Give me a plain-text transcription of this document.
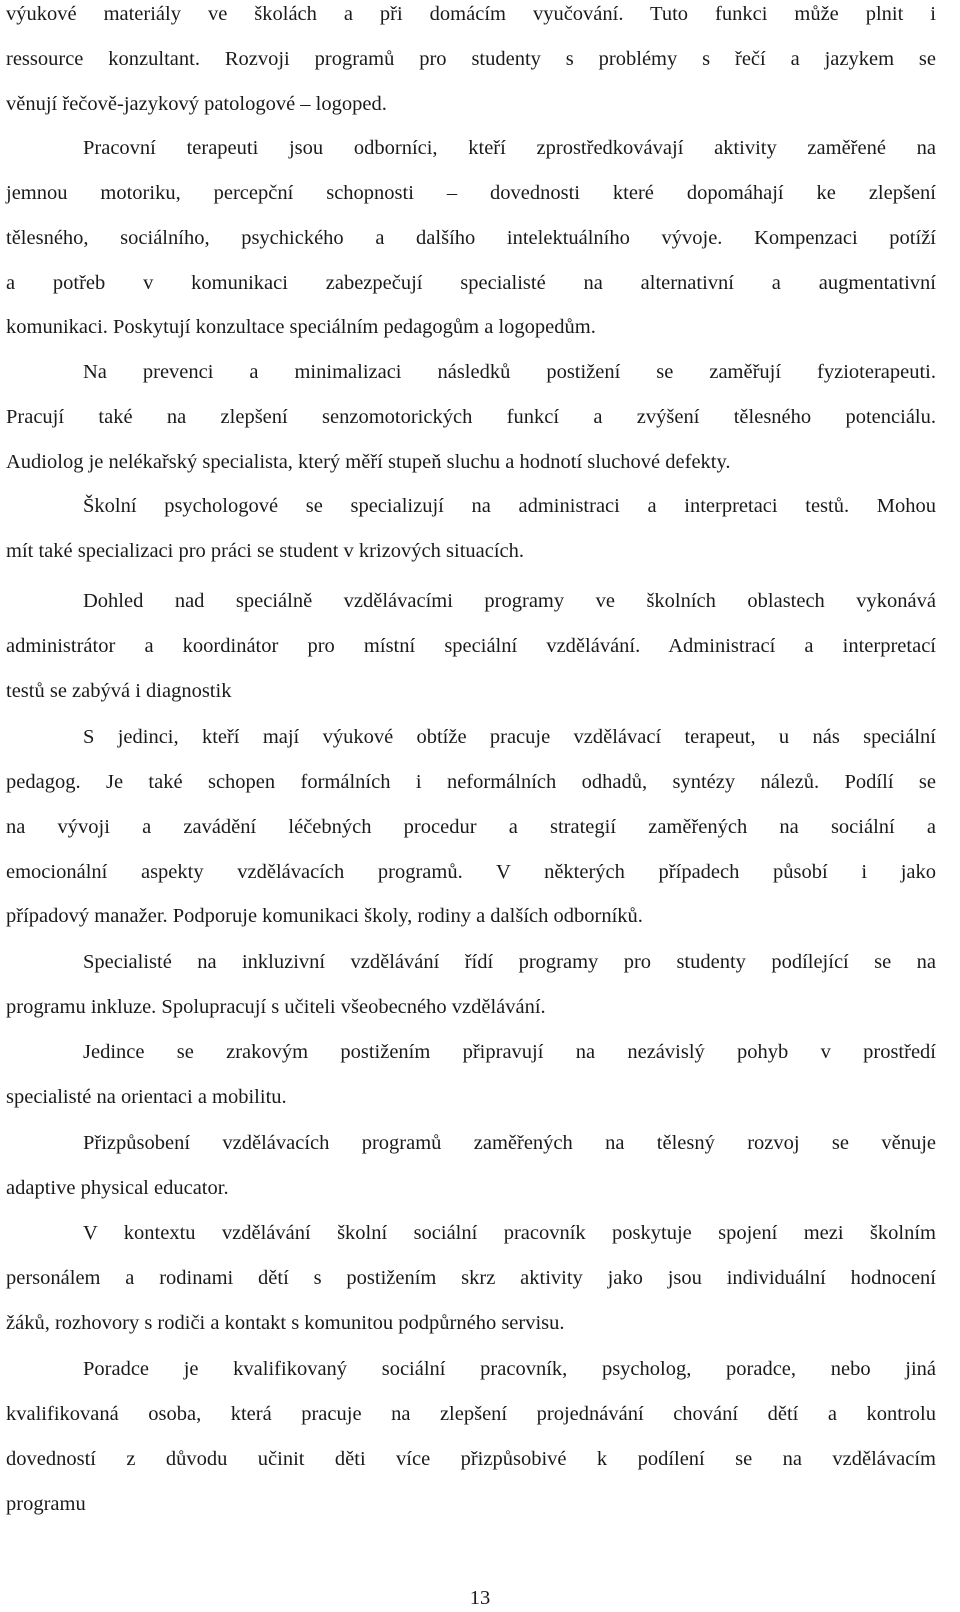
výukové materiály ve školách a při domácím vyučování. Tuto funkci může plnit i
ressource konzultant. Rozvoji programů pro studenty s problémy s řečí a jazykem se
věnují řečově-jazykový patologové – logoped.
Pracovní terapeuti jsou odborníci, kteří zprostředkovávají aktivity zaměřené na
jemnou motoriku, percepční schopnosti – dovednosti které dopomáhají ke zlepšení
tělesného, sociálního, psychického a dalšího intelektuálního vývoje. Kompenzaci potíží
a potřeb v komunikaci zabezpečují specialisté na alternativní a augmentativní
komunikaci. Poskytují konzultace speciálním pedagogům a logopedům.
Na prevenci a minimalizaci následků postižení se zaměřují fyzioterapeuti.
Pracují také na zlepšení senzomotorických funkcí a zvýšení tělesného potenciálu.
Audiolog je nelékařský specialista, který měří stupeň sluchu a hodnotí sluchové defekty.
Školní psychologové se specializují na administraci a interpretaci testů. Mohou
mít také specializaci pro práci se student v krizových situacích.
Dohled nad speciálně vzdělávacími programy ve školních oblastech vykonává
administrátor a koordinátor pro místní speciální vzdělávání. Administrací a interpretací
testů se zabývá i diagnostik
S jedinci, kteří mají výukové obtíže pracuje vzdělávací terapeut, u nás speciální
pedagog. Je také schopen formálních i neformálních odhadů, syntézy nálezů. Podílí se
na vývoji a zavádění léčebných procedur a strategií zaměřených na sociální a
emocionální aspekty vzdělávacích programů. V některých případech působí i jako
případový manažer. Podporuje komunikaci školy, rodiny a dalších odborníků.
Specialisté na inkluzivní vzdělávání řídí programy pro studenty podílející se na
programu inkluze. Spolupracují s učiteli všeobecného vzdělávání.
Jedince se zrakovým postižením připravují na nezávislý pohyb v prostředí
specialisté na orientaci a mobilitu.
Přizpůsobení vzdělávacích programů zaměřených na tělesný rozvoj se věnuje
adaptive physical educator.
V kontextu vzdělávání školní sociální pracovník poskytuje spojení mezi školním
personálem a rodinami dětí s postižením skrz aktivity jako jsou individuální hodnocení
žáků, rozhovory s rodiči a kontakt s komunitou podpůrného servisu.
Poradce je kvalifikovaný sociální pracovník, psycholog, poradce, nebo jiná
kvalifikovaná osoba, která pracuje na zlepšení projednávání chování dětí a kontrolu
dovedností z důvodu učinit děti více přizpůsobivé k podílení se na vzdělávacím
programu
13
